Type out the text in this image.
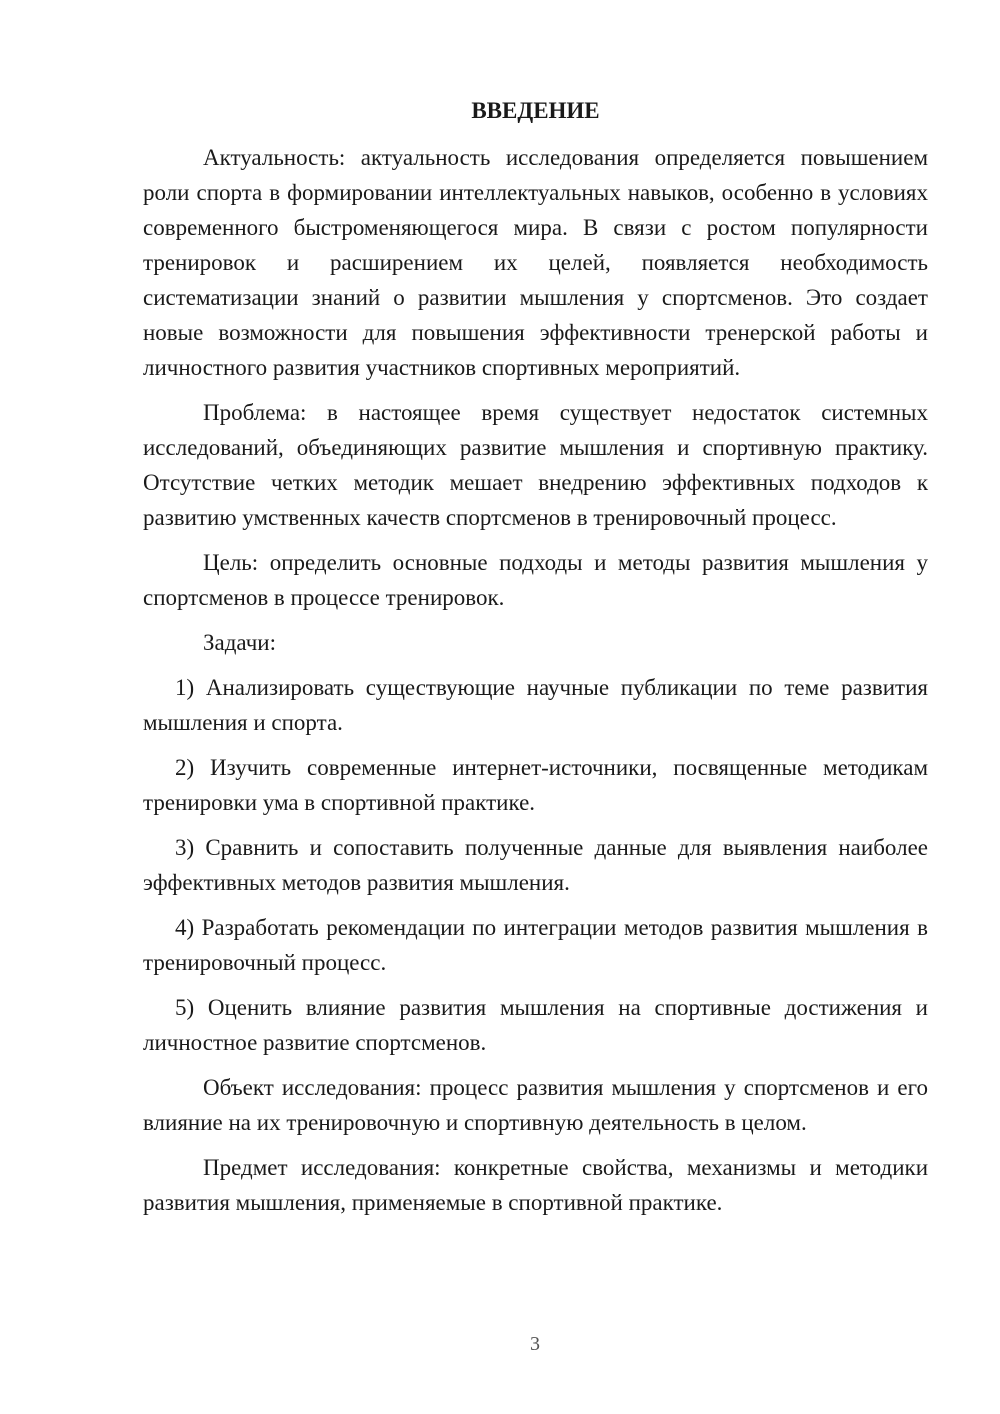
ВВЕДЕНИЕ

Актуальность: актуальность исследования определяется повышением роли спорта в формировании интеллектуальных навыков, особенно в условиях современного быстроменяющегося мира. В связи с ростом популярности тренировок и расширением их целей, появляется необходимость систематизации знаний о развитии мышления у спортсменов. Это создает новые возможности для повышения эффективности тренерской работы и личностного развития участников спортивных мероприятий.

Проблема: в настоящее время существует недостаток системных исследований, объединяющих развитие мышления и спортивную практику. Отсутствие четких методик мешает внедрению эффективных подходов к развитию умственных качеств спортсменов в тренировочный процесс.

Цель: определить основные подходы и методы развития мышления у спортсменов в процессе тренировок.

Задачи:

1) Анализировать существующие научные публикации по теме развития мышления и спорта.

2) Изучить современные интернет-источники, посвященные методикам тренировки ума в спортивной практике.

3) Сравнить и сопоставить полученные данные для выявления наиболее эффективных методов развития мышления.

4) Разработать рекомендации по интеграции методов развития мышления в тренировочный процесс.

5) Оценить влияние развития мышления на спортивные достижения и личностное развитие спортсменов.

Объект исследования: процесс развития мышления у спортсменов и его влияние на их тренировочную и спортивную деятельность в целом.

Предмет исследования: конкретные свойства, механизмы и методики развития мышления, применяемые в спортивной практике.

3
